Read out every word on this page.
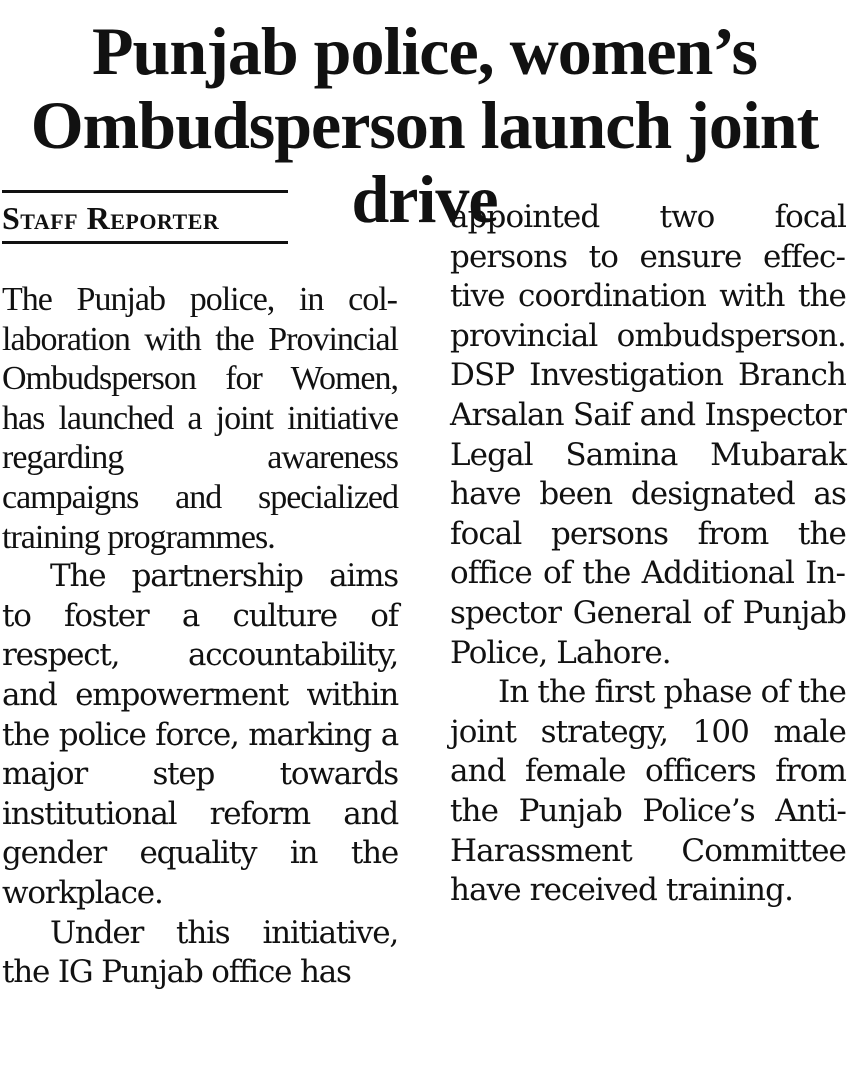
Punjab police, women’s
Ombudsperson launch joint drive
Staff Reporter

The Punjab police, in collaboration with the Provincial Ombudsperson for Women, has launched a joint initiative regarding awareness campaigns and specialized training programmes.

The partnership aims to foster a culture of respect, accountability, and empowerment within the police force, marking a major step towards institutional reform and gender equality in the workplace.

Under this initiative, the IG Punjab office has

appointed two focal persons to ensure effective coordination with the provincial ombudsperson. DSP Investigation Branch Arsalan Saif and Inspector Legal Samina Mubarak have been designated as focal persons from the office of the Additional Inspector General of Punjab Police, Lahore.

In the first phase of the joint strategy, 100 male and female officers from the Punjab Police’s Anti-Harassment Committee have received training.
